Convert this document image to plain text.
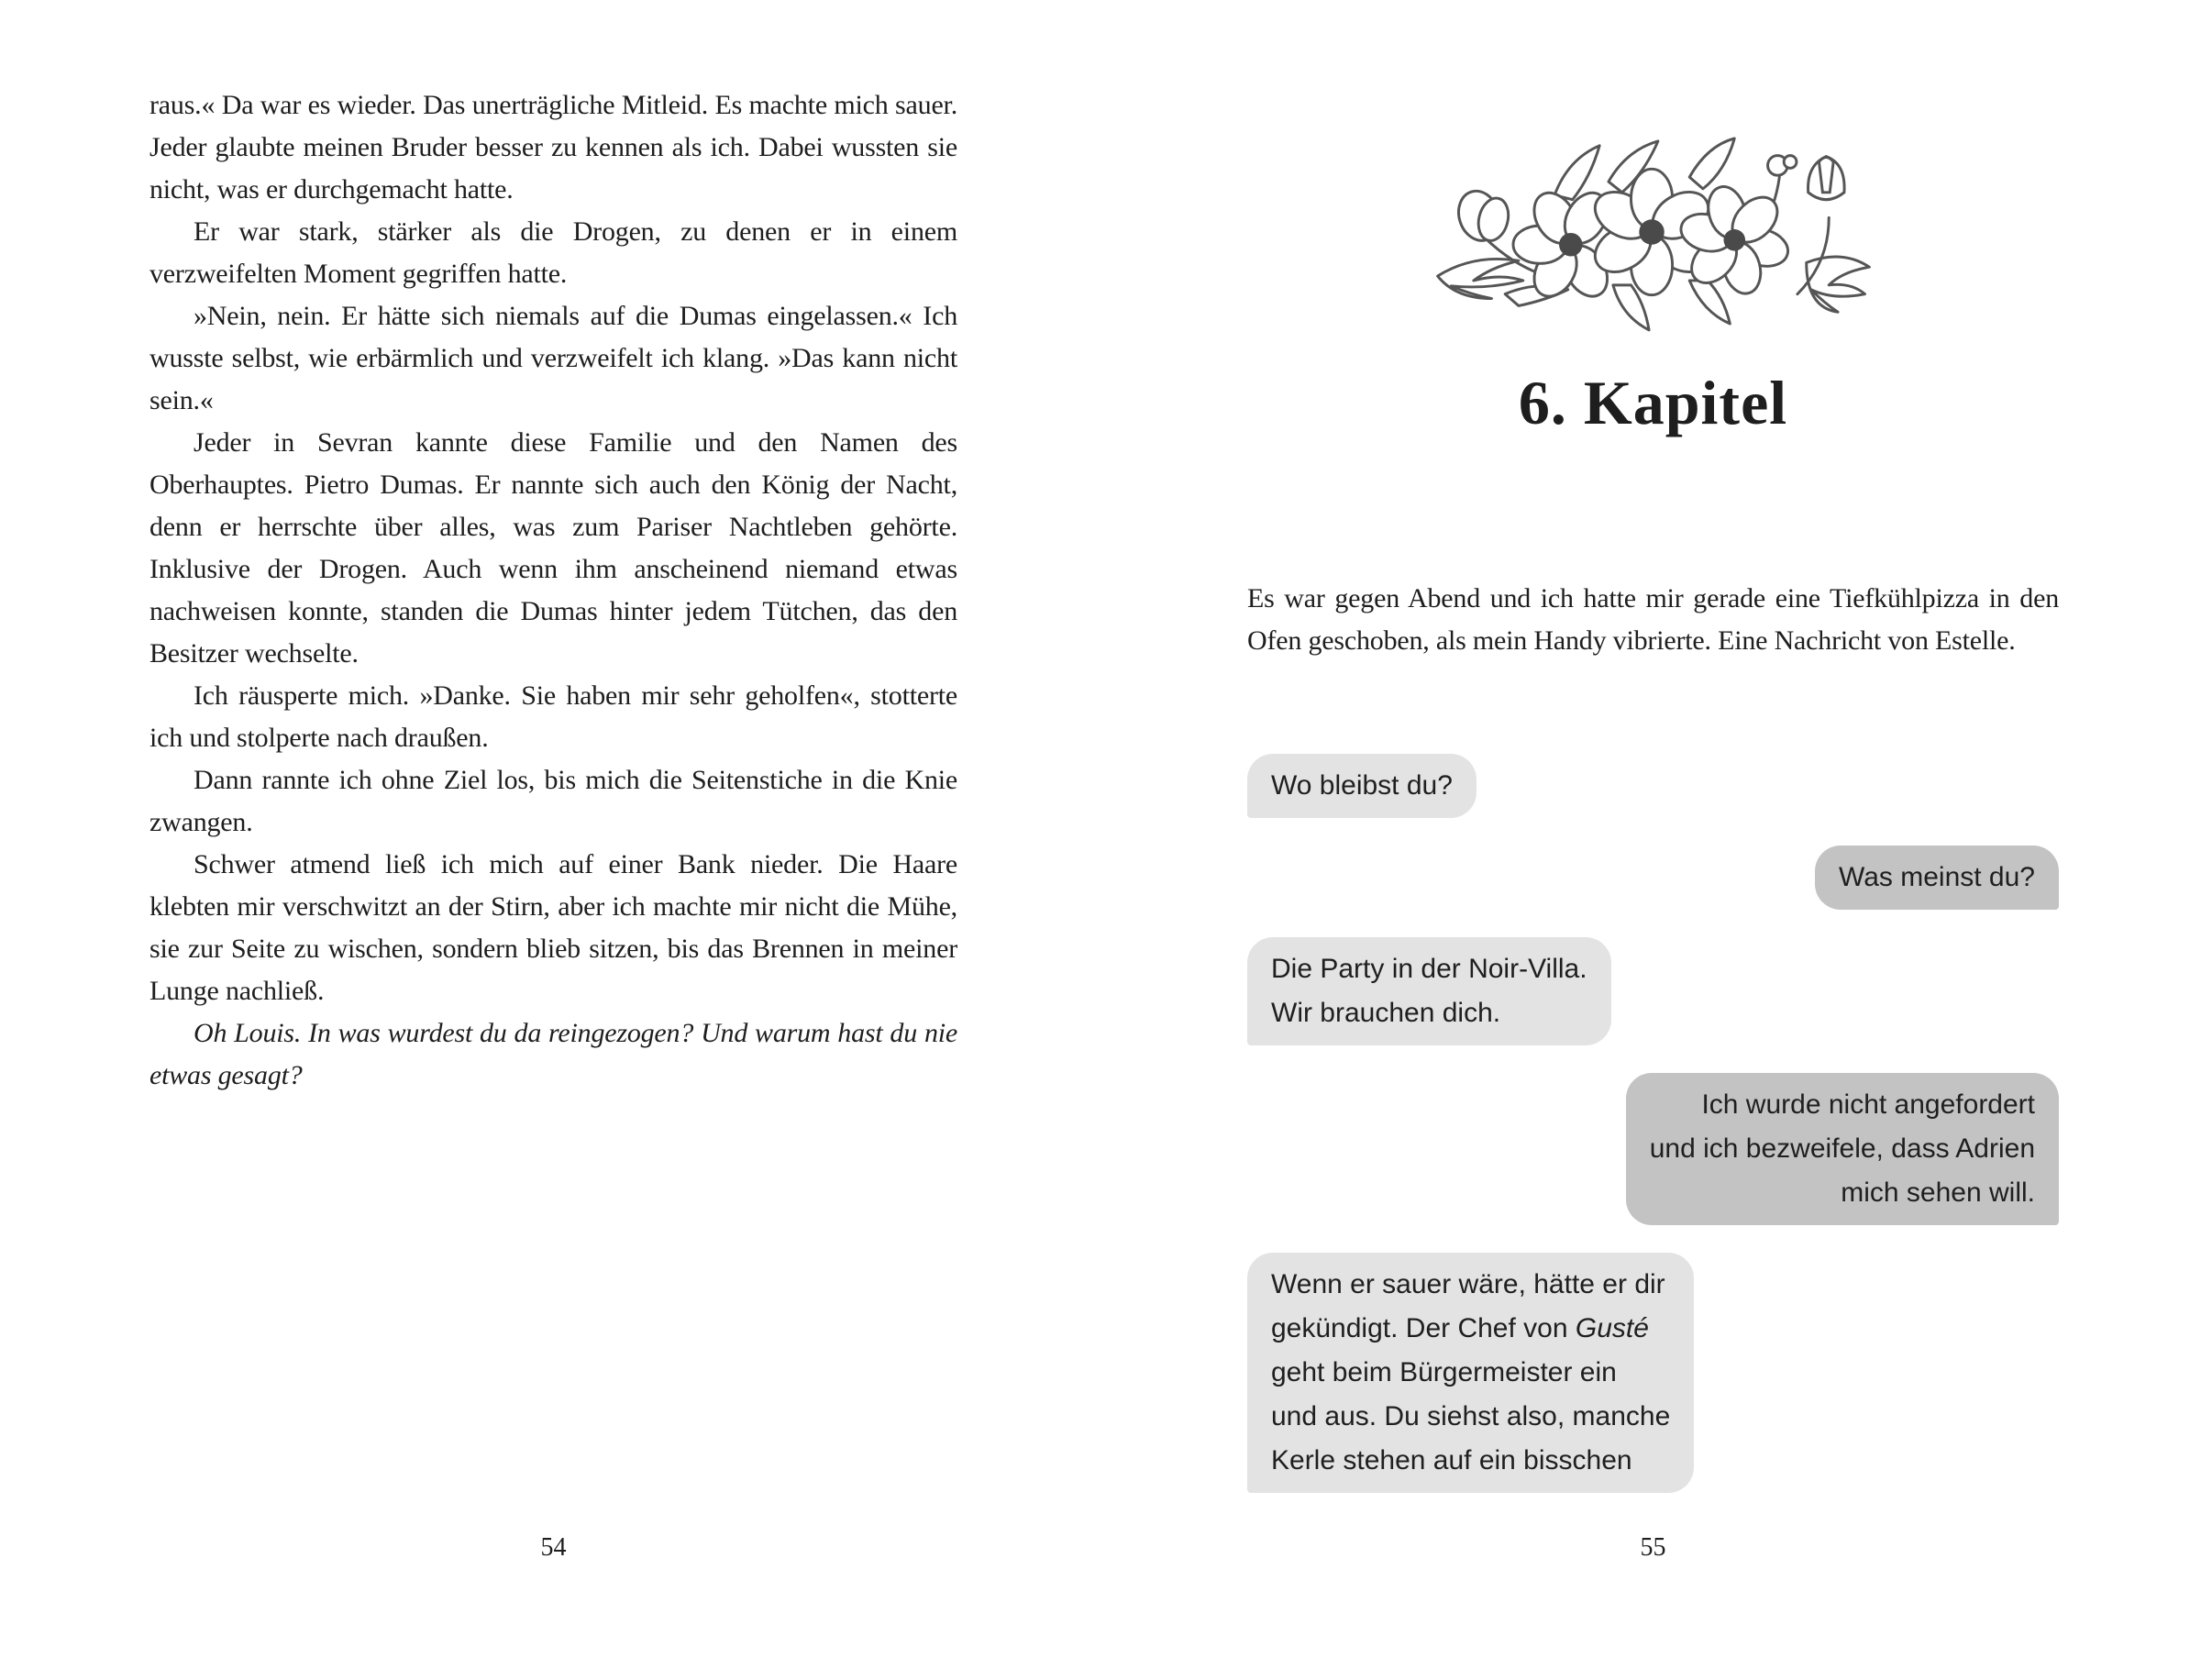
raus.« Da war es wieder. Das unerträgliche Mitleid. Es machte mich sauer. Jeder glaubte meinen Bruder besser zu kennen als ich. Dabei wussten sie nicht, was er durchgemacht hatte.
Er war stark, stärker als die Drogen, zu denen er in einem verzweifelten Moment gegriffen hatte.
»Nein, nein. Er hätte sich niemals auf die Dumas eingelassen.« Ich wusste selbst, wie erbärmlich und verzweifelt ich klang. »Das kann nicht sein.«
Jeder in Sevran kannte diese Familie und den Namen des Oberhauptes. Pietro Dumas. Er nannte sich auch den König der Nacht, denn er herrschte über alles, was zum Pariser Nachtleben gehörte. Inklusive der Drogen. Auch wenn ihm anscheinend niemand etwas nachweisen konnte, standen die Dumas hinter jedem Tütchen, das den Besitzer wechselte.
Ich räusperte mich. »Danke. Sie haben mir sehr geholfen«, stotterte ich und stolperte nach draußen.
Dann rannte ich ohne Ziel los, bis mich die Seitenstiche in die Knie zwangen.
Schwer atmend ließ ich mich auf einer Bank nieder. Die Haare klebten mir verschwitzt an der Stirn, aber ich machte mir nicht die Mühe, sie zur Seite zu wischen, sondern blieb sitzen, bis das Brennen in meiner Lunge nachließ.
Oh Louis. In was wurdest du da reingezogen? Und warum hast du nie etwas gesagt?
54
6. Kapitel
Es war gegen Abend und ich hatte mir gerade eine Tiefkühlpizza in den Ofen geschoben, als mein Handy vibrierte. Eine Nachricht von Estelle.
Wo bleibst du?
Was meinst du?
Die Party in der Noir-Villa.
Wir brauchen dich.
Ich wurde nicht angefordert
und ich bezweifele, dass Adrien
mich sehen will.
Wenn er sauer wäre, hätte er dir
gekündigt. Der Chef von Gusté
geht beim Bürgermeister ein
und aus. Du siehst also, manche
Kerle stehen auf ein bisschen
55
